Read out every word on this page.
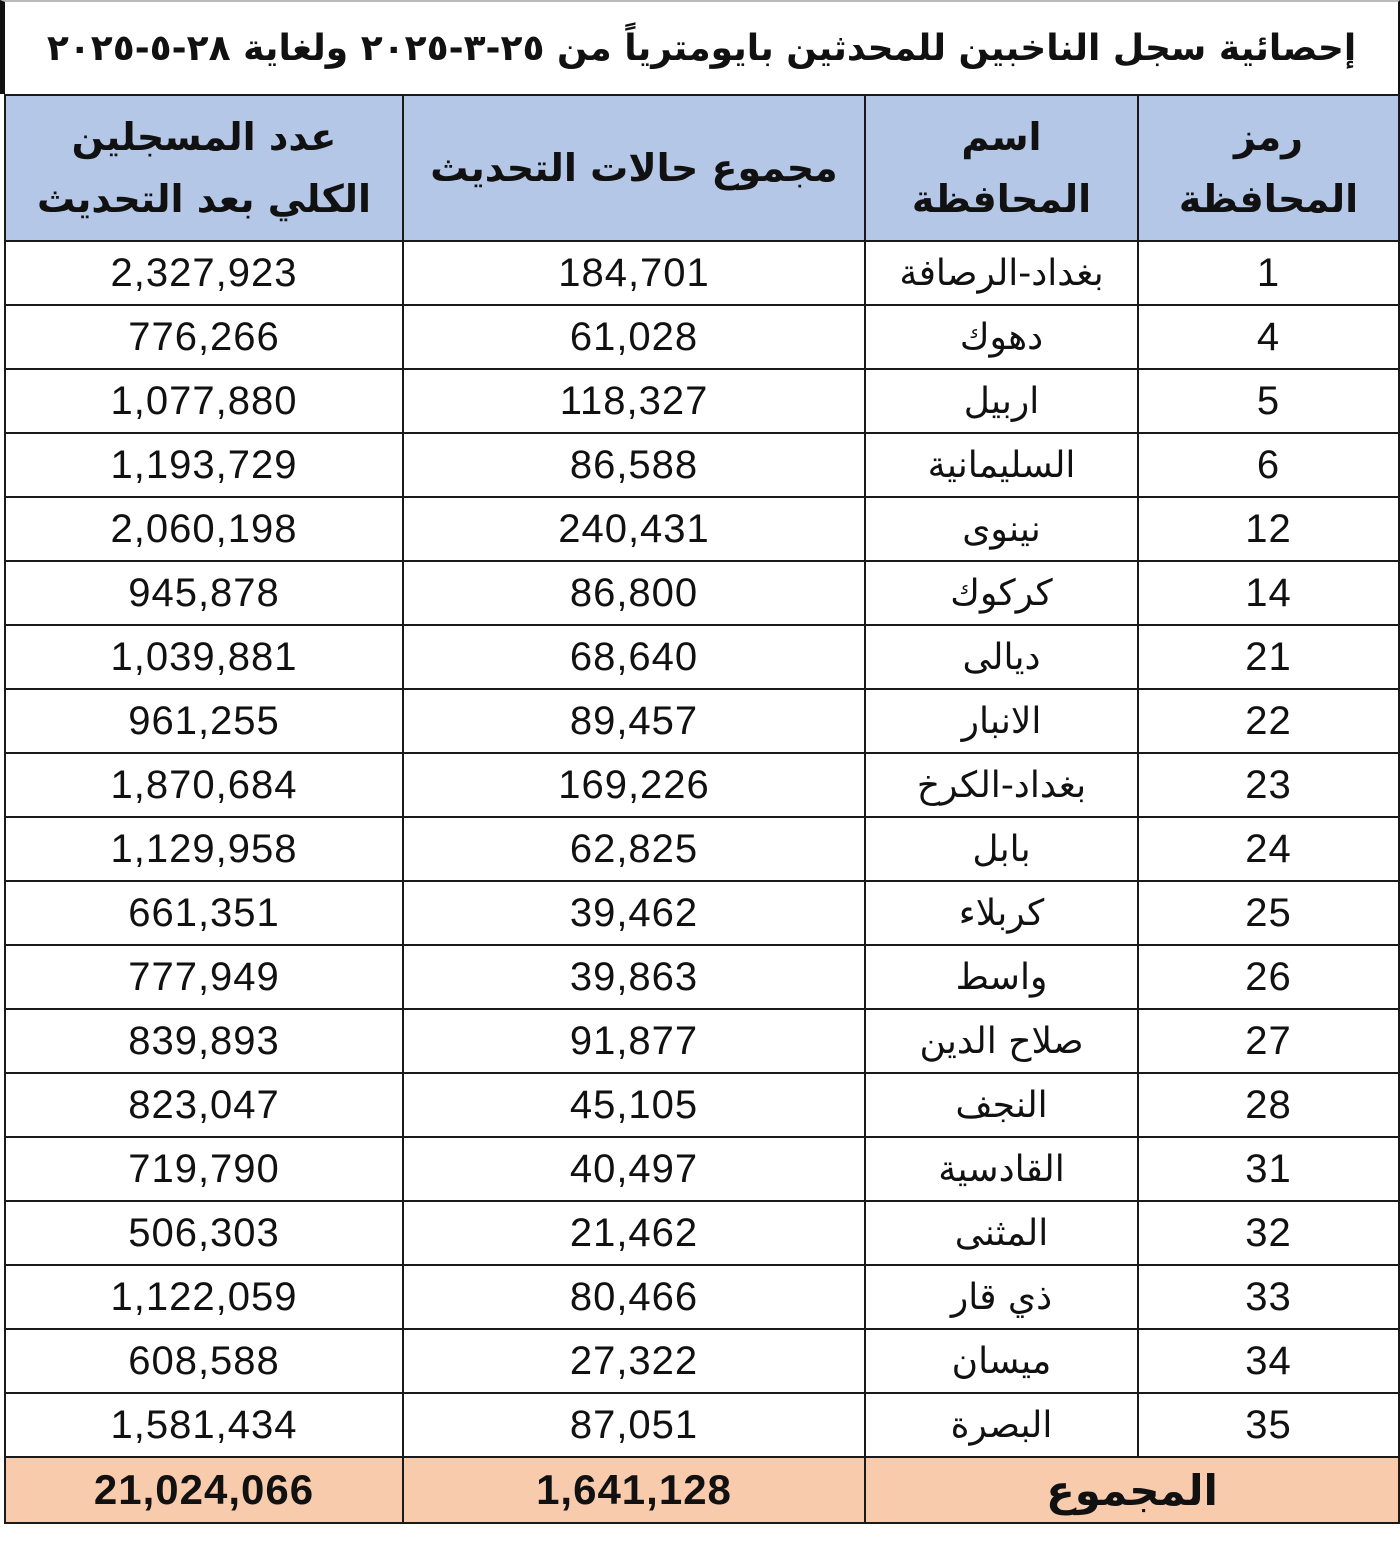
إحصائية سجل الناخبين للمحدثين بايومترياً من ٢٥-٣-٢٠٢٥ ولغاية ٢٨-٥-٢٠٢٥
رمز المحافظة	اسم المحافظة	مجموع حالات التحديث	عدد المسجلين
الكلي بعد التحديث

1	بغداد-الرصافة	184,701	2,327,923
4	دهوك	61,028	776,266
5	اربيل	118,327	1,077,880
6	السليمانية	86,588	1,193,729
12	نينوى	240,431	2,060,198
14	كركوك	86,800	945,878
21	ديالى	68,640	1,039,881
22	الانبار	89,457	961,255
23	بغداد-الكرخ	169,226	1,870,684
24	بابل	62,825	1,129,958
25	كربلاء	39,462	661,351
26	واسط	39,863	777,949
27	صلاح الدين	91,877	839,893
28	النجف	45,105	823,047
31	القادسية	40,497	719,790
32	المثنى	21,462	506,303
33	ذي قار	80,466	1,122,059
34	ميسان	27,322	608,588
35	البصرة	87,051	1,581,434
المجموع		1,641,128	21,024,066
